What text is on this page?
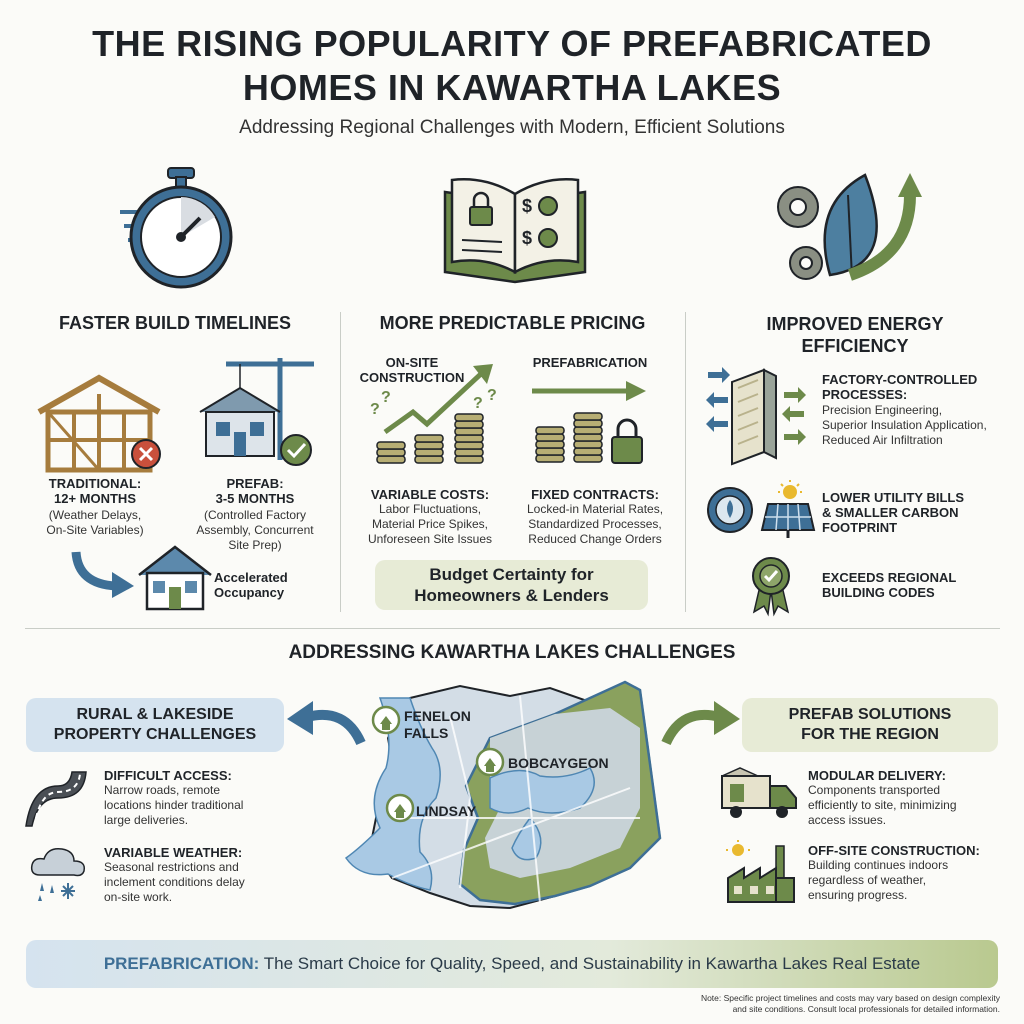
THE RISING POPULARITY OF PREFABRICATED
HOMES IN KAWARTHA LAKES
Addressing Regional Challenges with Modern, Efficient Solutions
$
$
FASTER BUILD TIMELINES
TRADITIONAL:
12+ MONTHS
(Weather Delays,
On-Site Variables)
PREFAB:
3-5 MONTHS
(Controlled Factory
Assembly, Concurrent
Site Prep)
Accelerated
Occupancy
MORE PREDICTABLE PRICING
ON-SITE
CONSTRUCTION
PREFABRICATION
?
?	? ?
VARIABLE COSTS:
Labor Fluctuations,
Material Price Spikes,
Unforeseen Site Issues
FIXED CONTRACTS:
Locked-in Material Rates,
Standardized Processes,
Reduced Change Orders
Budget Certainty for
Homeowners & Lenders
IMPROVED ENERGY
EFFICIENCY
FACTORY-CONTROLLED
PROCESSES:
Precision Engineering,
Superior Insulation Application,
Reduced Air Infiltration
LOWER UTILITY BILLS
& SMALLER CARBON
FOOTPRINT
EXCEEDS REGIONAL
BUILDING CODES
ADDRESSING KAWARTHA LAKES CHALLENGES
FENELON
FALLS
BOBCAYGEON
LINDSAY
RURAL & LAKESIDE
PROPERTY CHALLENGES
DIFFICULT ACCESS:
Narrow roads, remote
locations hinder traditional
large deliveries.
VARIABLE WEATHER:
Seasonal restrictions and
inclement conditions delay
on-site work.
PREFAB SOLUTIONS
FOR THE REGION
MODULAR DELIVERY:
Components transported
efficiently to site, minimizing
access issues.
OFF-SITE CONSTRUCTION:
Building continues indoors
regardless of weather,
ensuring progress.
PREFABRICATION: The Smart Choice for Quality, Speed, and Sustainability in Kawartha Lakes Real Estate
Note: Specific project timelines and costs may vary based on design complexity
and site conditions. Consult local professionals for detailed information.
